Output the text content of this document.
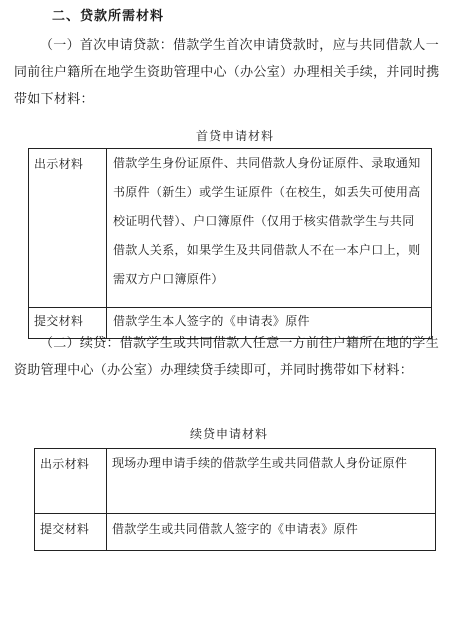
二、贷款所需材料
（一）首次申请贷款：借款学生首次申请贷款时，应与共同借款人一同前往户籍所在地学生资助管理中心（办公室）办理相关手续，并同时携带如下材料：
首贷申请材料
出示材料	借款学生身份证原件、共同借款人身份证原件、录取通知书原件（新生）或学生证原件（在校生，如丢失可使用高校证明代替）、户口簿原件（仅用于核实借款学生与共同借款人关系，如果学生及共同借款人不在一本户口上，则需双方户口簿原件）
提交材料	借款学生本人签字的《申请表》原件
（二）续贷：借款学生或共同借款人任意一方前往户籍所在地的学生资助管理中心（办公室）办理续贷手续即可，并同时携带如下材料：
续贷申请材料
出示材料	现场办理申请手续的借款学生或共同借款人身份证原件
提交材料	借款学生或共同借款人签字的《申请表》原件
